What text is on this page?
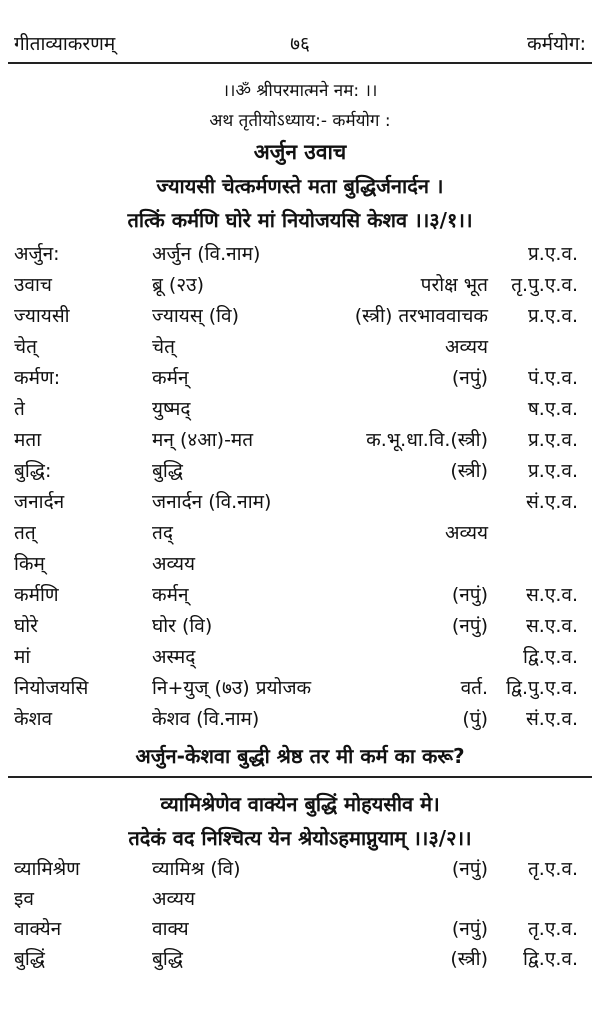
गीताव्याकरणम्	७६	कर्मयोग:
।।ॐ श्रीपरमात्मने नम: ।।
अथ तृतीयोऽध्याय:- कर्मयोग :
अर्जुन उवाच
ज्यायसी चेत्कर्मणस्ते मता बुद्धिर्जनार्दन ।
तत्किं कर्मणि घोरे मां नियोजयसि केशव ।।३/१।।
अर्जुन:	अर्जुन (वि.नाम)	प्र.ए.व.
उवाच	ब्रू (२उ)	परोक्ष भूत तृ.पु.ए.व.
ज्यायसी	ज्यायस् (वि)	(स्त्री) तरभाववाचक प्र.ए.व.
चेत्	चेत्	अव्यय
कर्मण:	कर्मन्	(नपुं) पं.ए.व.
ते	युष्मद्	ष.ए.व.
मता	मन् (४आ)-मत	क.भू.धा.वि.(स्त्री) प्र.ए.व.
बुद्धि:	बुद्धि	(स्त्री) प्र.ए.व.
जनार्दन	जनार्दन (वि.नाम)	सं.ए.व.
तत्	तद्	अव्यय
किम्	अव्यय
कर्मणि	कर्मन्	(नपुं) स.ए.व.
घोरे	घोर (वि)	(नपुं) स.ए.व.
मां	अस्मद्	द्वि.ए.व.
नियोजयसि	नि+युज् (७उ) प्रयोजक	वर्त. द्वि.पु.ए.व.
केशव	केशव (वि.नाम)	(पुं) सं.ए.व.
अर्जुन-केशवा बुद्धी श्रेष्ठ तर मी कर्म का करू?
व्यामिश्रेणेव वाक्येन बुद्धिं मोहयसीव मे।
तदेकं वद निश्चित्य येन श्रेयोऽहमाप्नुयाम् ।।३/२।।
व्यामिश्रेण	व्यामिश्र (वि)	(नपुं) तृ.ए.व.
इव	अव्यय
वाक्येन	वाक्य	(नपुं) तृ.ए.व.
बुद्धिं	बुद्धि	(स्त्री) द्वि.ए.व.
